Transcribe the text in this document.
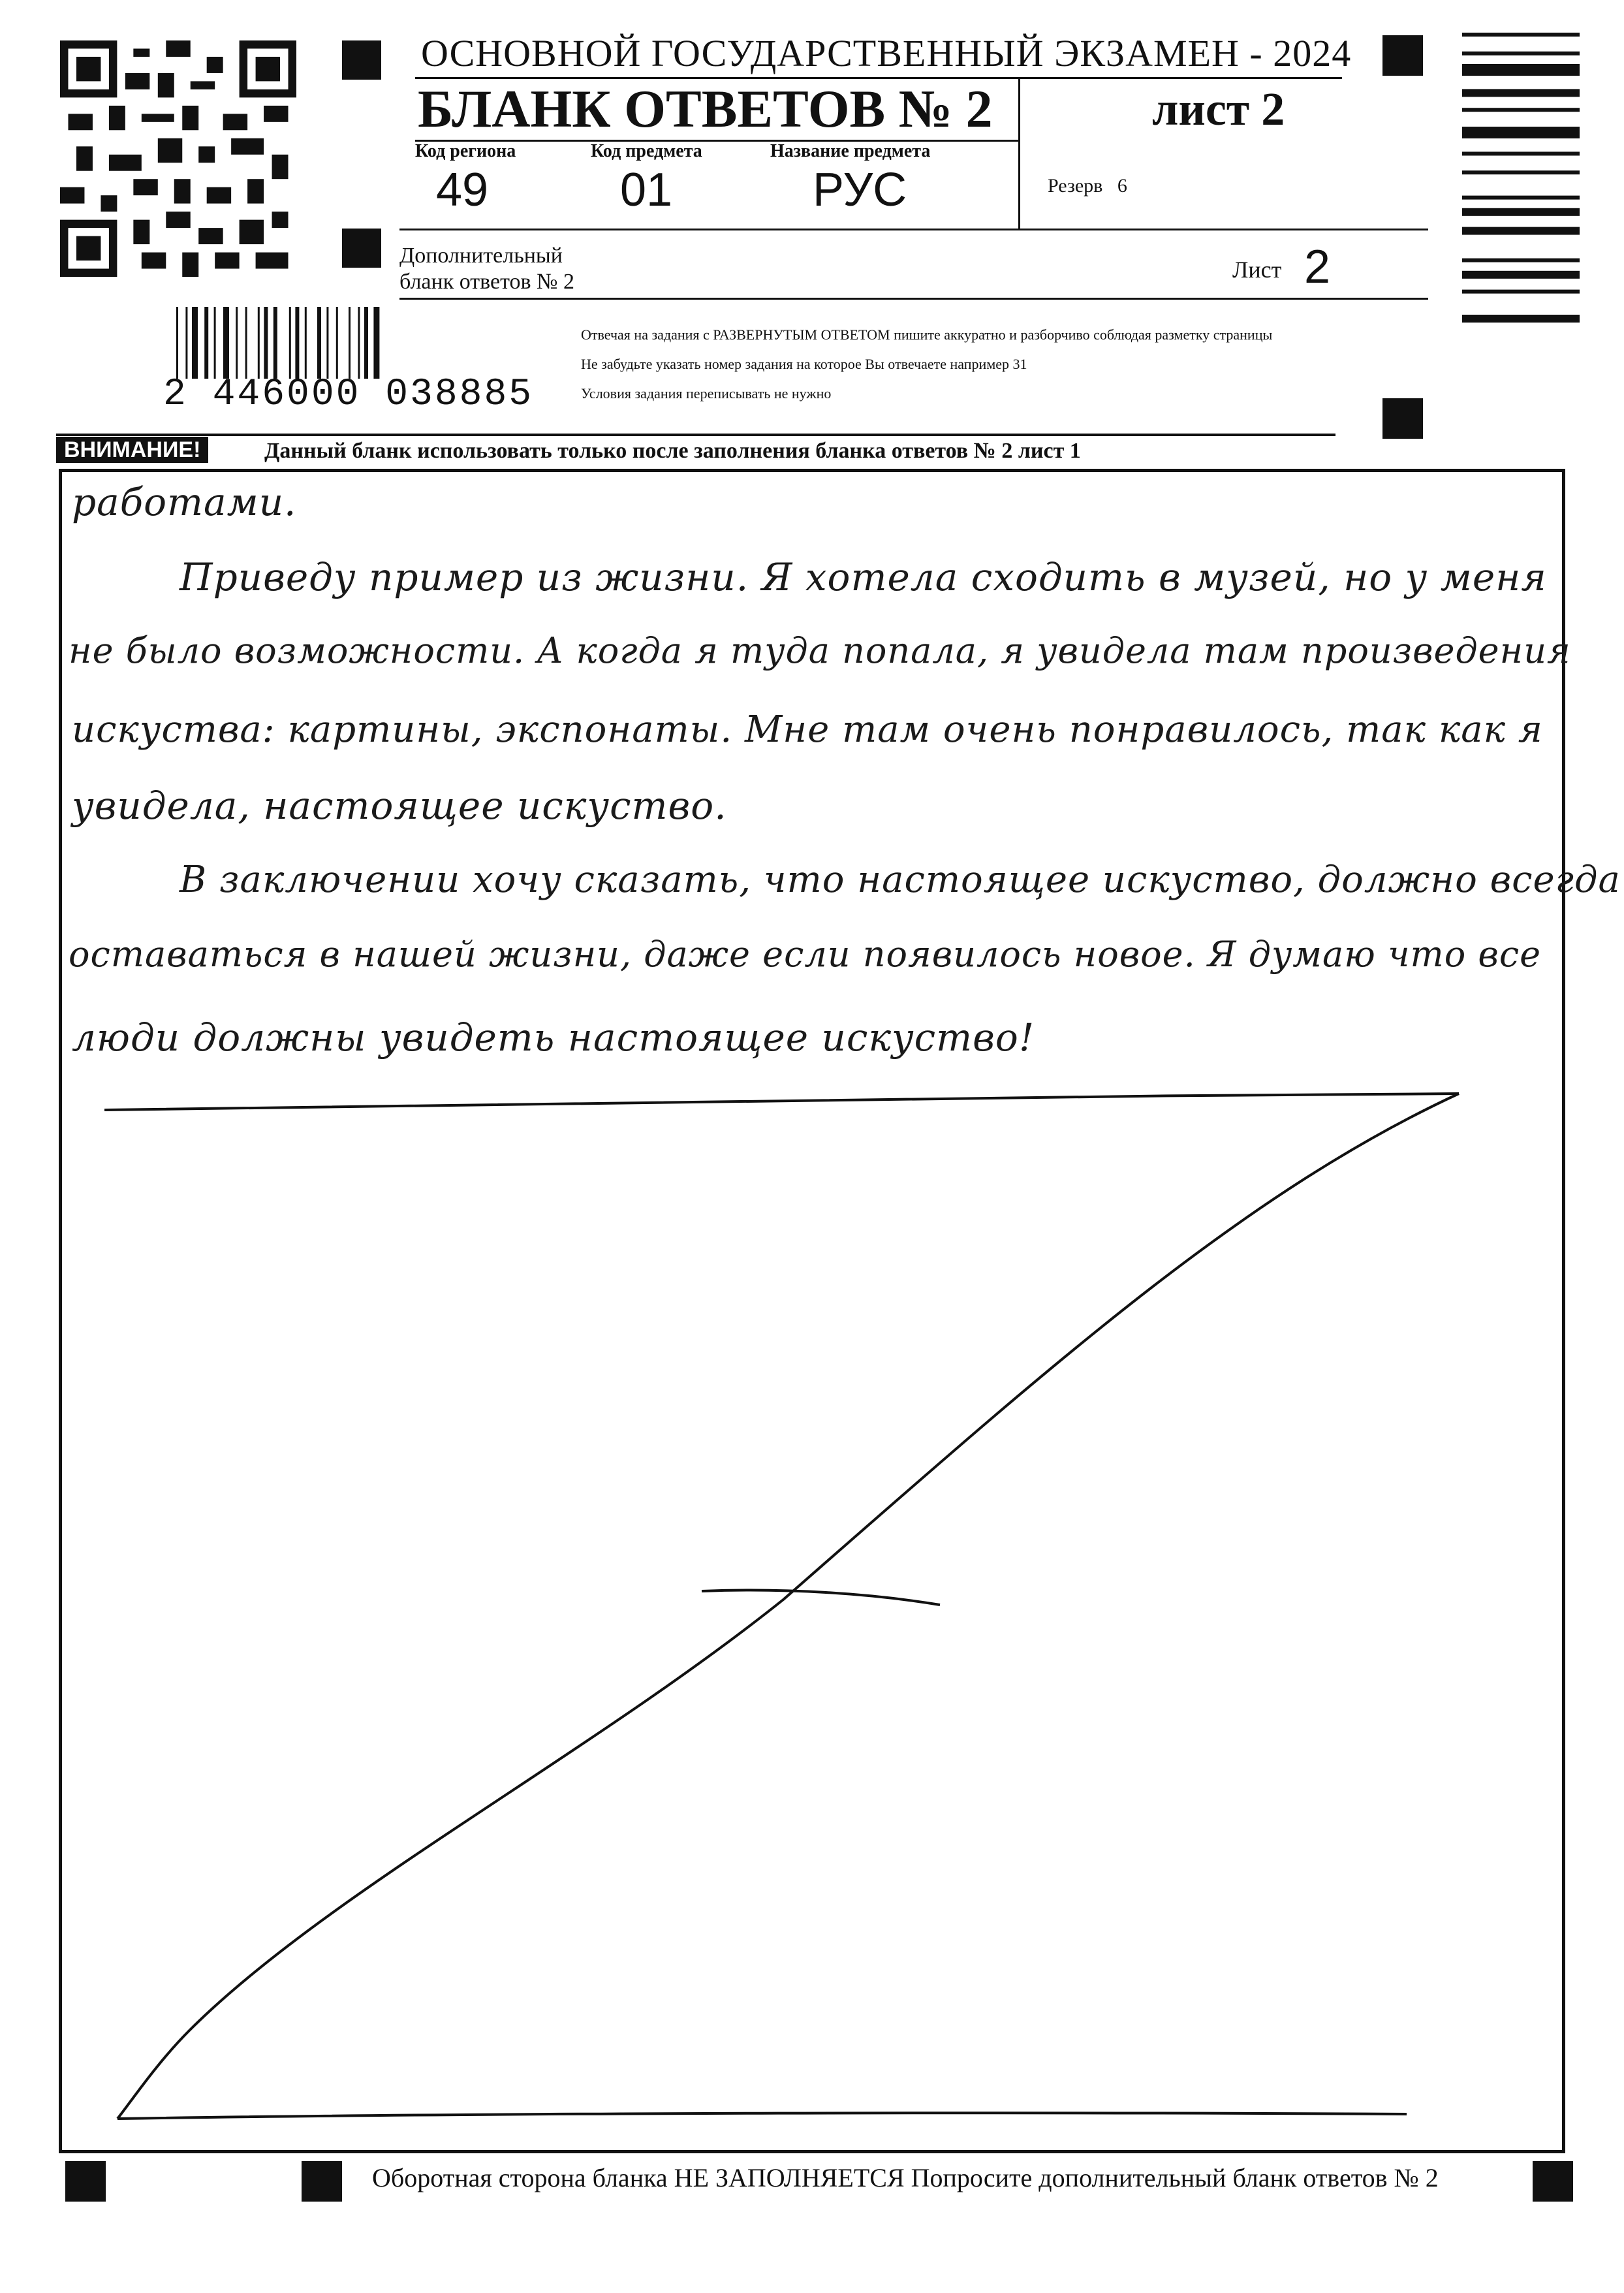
ОСНОВНОЙ ГОСУДАРСТВЕННЫЙ ЭКЗАМЕН - 2024
БЛАНК ОТВЕТОВ № 2	лист 2
Код региона
49
Код предмета
01
Название предмета
РУС	Резерв 6
Дополнительный
бланк ответов № 2	Лист 2
2 446000 038885
Отвечая на задания с РАЗВЕРНУТЫМ ОТВЕТОМ пишите аккуратно и разборчиво соблюдая разметку страницы
Не забудьте указать номер задания на которое Вы отвечаете например 31
Условия задания переписывать не нужно
ВНИМАНИЕ!	Данный бланк использовать только после заполнения бланка ответов № 2 лист 1
работами.
Приведу пример из жизни. Я хотела сходить в музей, но у меня
не было возможности. А когда я туда попала, я увидела там произведения
искуства: картины, экспонаты. Мне там очень понравилось, так как я
увидела, настоящее искуство.
В заключении хочу сказать, что настоящее искуство, должно всегда
оставаться в нашей жизни, даже если появилось новое. Я думаю что все
люди должны увидеть настоящее искуство!
Оборотная сторона бланка НЕ ЗАПОЛНЯЕТСЯ Попросите дополнительный бланк ответов № 2
